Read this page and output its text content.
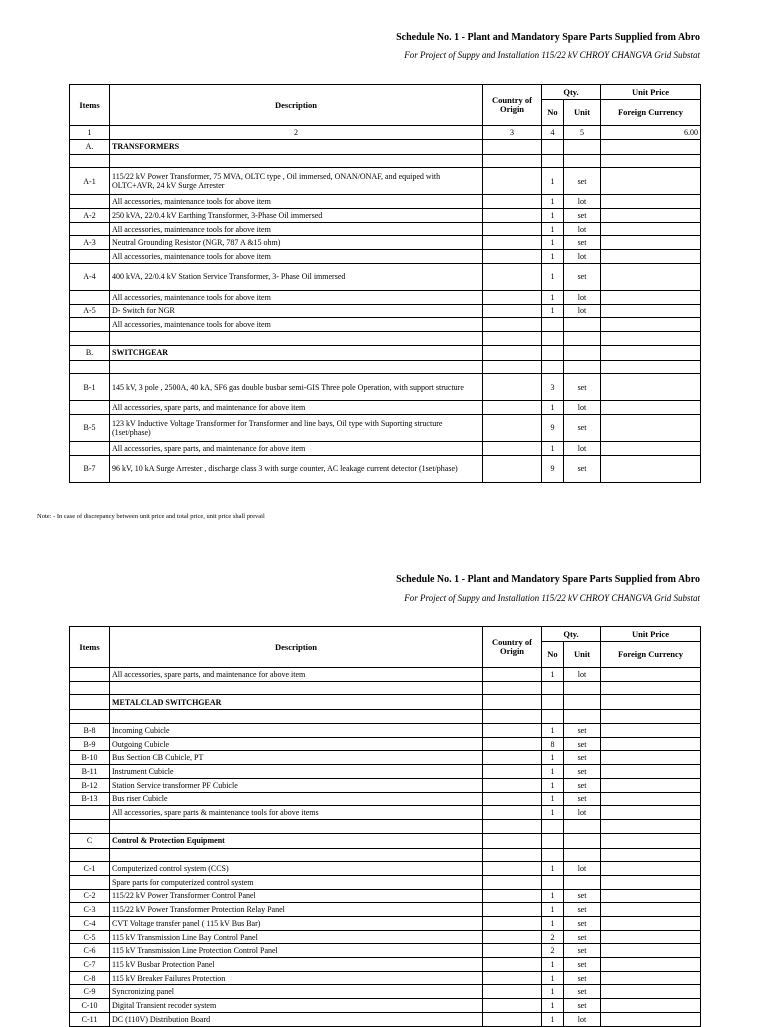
Schedule No. 1 - Plant and Mandatory Spare Parts Supplied from Abro
For Project of Suppy and Installation 115/22 kV CHROY CHANGVA Grid Substat
Items	Description	Country of Origin	Qty.		Unit Price
			No	Unit	Foreign Currency
1	2	3	4	5	6.00
A.	TRANSFORMERS				

A-1	115/22 kV Power Transformer, 75 MVA, OLTC type , Oil immersed, ONAN/ONAF, and equiped with OLTC+AVR, 24 kV Surge Arrester		1	set	
	All accessories, maintenance tools for above item		1	lot	
A-2	250 kVA, 22/0.4 kV Earthing Transformer, 3-Phase Oil immersed		1	set	
	All accessories, maintenance tools for above item		1	lot	
A-3	Neutral Grounding Resistor (NGR, 787 A &15 ohm)		1	set	
	All accessories, maintenance tools for above item		1	lot	
A-4	400 kVA, 22/0.4 kV Station Service Transformer, 3- Phase Oil immersed		1	set	
	All accessories, maintenance tools for above item		1	lot	
A-5	D- Switch for NGR		1	lot	
	All accessories, maintenance tools for above item				

B.	SWITCHGEAR				

B-1	145 kV, 3 pole , 2500A, 40 kA, SF6 gas double busbar semi-GIS Three pole Operation, with support structure		3	set	
	All accessories, spare parts, and maintenance for above item		1	lot	
B-5	123 kV Inductive Voltage Transformer for Transformer and line bays, Oil type with Suporting structure (1set/phase)		9	set	
	All accessories, spare parts, and maintenance for above item		1	lot	
B-7	96 kV, 10 kA Surge Arrester , discharge class 3 with surge counter, AC leakage current detector (1set/phase)		9	set	
Note: - In case of discrepancy between unit price and total price, unit price shall prevail
Schedule No. 1 - Plant and Mandatory Spare Parts Supplied from Abro
For Project of Suppy and Installation 115/22 kV CHROY CHANGVA Grid Substat
Items	Description	Country of Origin	Qty.		Unit Price
			No	Unit	Foreign Currency
	All accessories, spare parts, and maintenance for above item		1	lot	

	METALCLAD SWITCHGEAR				

B-8	Incoming Cubicle		1	set	
B-9	Outgoing Cubicle		8	set	
B-10	Bus Section CB Cubicle, PT		1	set	
B-11	Instrument Cubicle		1	set	
B-12	Station Service transformer PF Cubicle		1	set	
B-13	Bus riser Cubicle		1	set	
	All accessories, spare parts & maintenance tools for above items		1	lot	

C	Control & Protection Equipment				

C-1	Computerized control system (CCS)		1	lot	
	Spare parts for computerized control system				
C-2	115/22 kV Power Transformer Control Panel		1	set	
C-3	115/22 kV Power Transformer Protection Relay Panel		1	set	
C-4	CVT Voltage transfer panel ( 115 kV Bus Bar)		1	set	
C-5	115 kV Transmission Line Bay Control Panel		2	set	
C-6	115 kV Transmission Line Protection Control Panel		2	set	
C-7	115 kV Busbar Protection Panel		1	set	
C-8	115 kV Breaker Failures Protection		1	set	
C-9	Syncronizing panel		1	set	
C-10	Digital Transient recoder system		1	set	
C-11	DC (110V) Distribution Board		1	lot	
